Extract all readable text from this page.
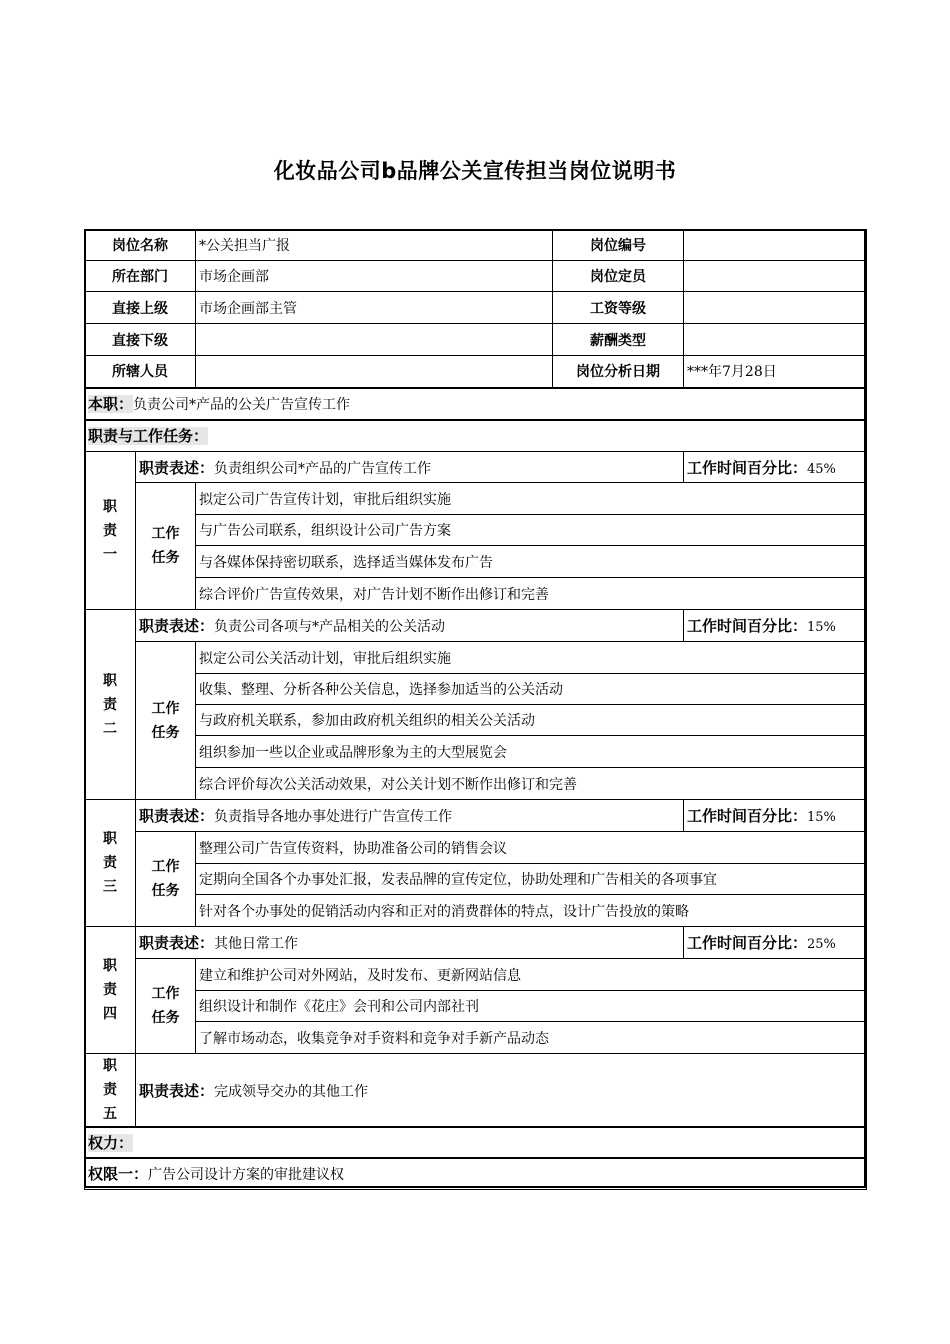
化妆品公司b品牌公关宣传担当岗位说明书
岗位名称		*公关担当广报	岗位编号	
所在部门		市场企画部	岗位定员	
直接上级		市场企画部主管	工资等级	
直接下级			薪酬类型	
所辖人员			岗位分析日期	***年7月28日
本职：负责公司*产品的公关广告宣传工作				
职责与工作任务：				
职
责
一	职责表述：负责组织公司*产品的广告宣传工作			工作时间百分比：45%
	工作
任务	拟定公司广告宣传计划，审批后组织实施		
		与广告公司联系，组织设计公司广告方案		
		与各媒体保持密切联系，选择适当媒体发布广告		
		综合评价广告宣传效果，对广告计划不断作出修订和完善		
职
责
二	职责表述：负责公司各项与*产品相关的公关活动			工作时间百分比：15%
	工作
任务	拟定公司公关活动计划，审批后组织实施		
		收集、整理、分析各种公关信息，选择参加适当的公关活动		
		与政府机关联系，参加由政府机关组织的相关公关活动		
		组织参加一些以企业或品牌形象为主的大型展览会		
		综合评价每次公关活动效果，对公关计划不断作出修订和完善		
职
责
三	职责表述：负责指导各地办事处进行广告宣传工作			工作时间百分比：15%
	工作
任务	整理公司广告宣传资料，协助准备公司的销售会议		
		定期向全国各个办事处汇报，发表品牌的宣传定位，协助处理和广告相关的各项事宜		
		针对各个办事处的促销活动内容和正对的消费群体的特点，设计广告投放的策略		
职
责
四	职责表述：其他日常工作			工作时间百分比：25%
	工作
任务	建立和维护公司对外网站，及时发布、更新网站信息		
		组织设计和制作《花庄》会刊和公司内部社刊		
		了解市场动态，收集竞争对手资料和竞争对手新产品动态		
职
责
五	职责表述：完成领导交办的其他工作			
权力：				
权限一：广告公司设计方案的审批建议权				
